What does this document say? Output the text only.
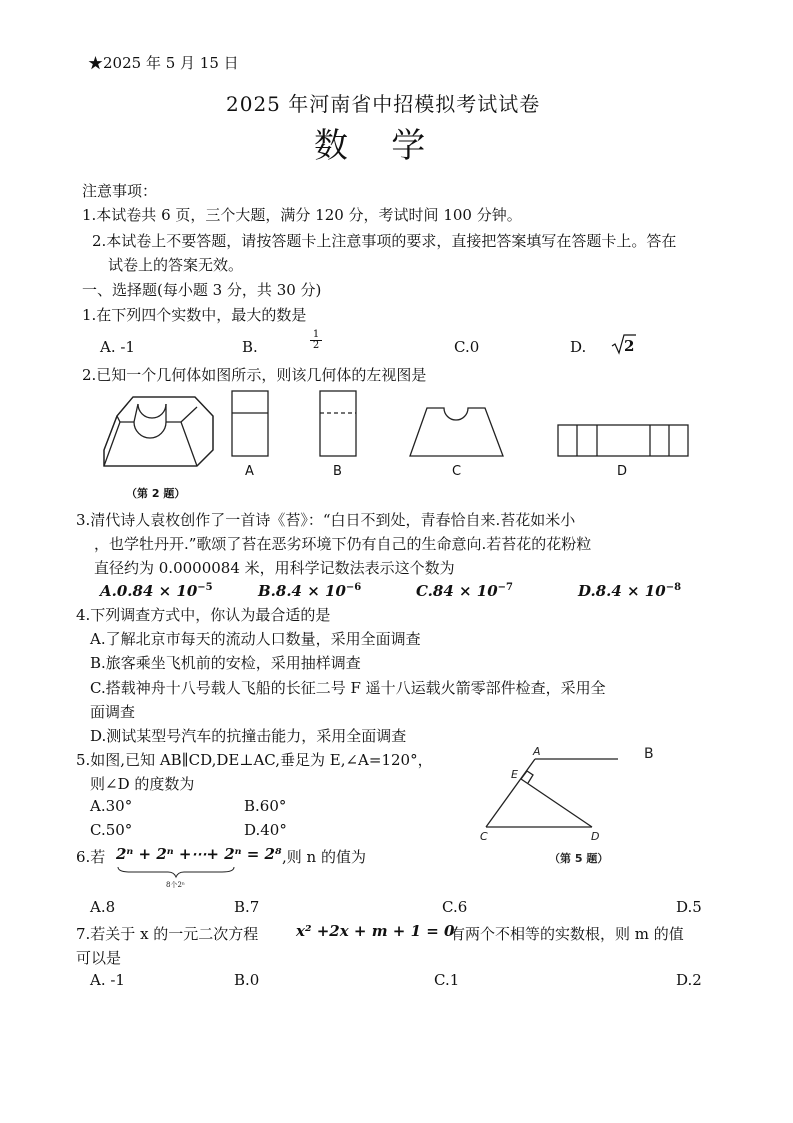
★2025 年 5 月 15 日
2025 年河南省中招模拟考试试卷
数    学
注意事项：
1.本试卷共 6 页，三个大题，满分 120 分，考试时间 100 分钟。
2.本试卷上不要答题，请按答题卡上注意事项的要求，直接把答案填写在答题卡上。答在
试卷上的答案无效。
一、选择题(每小题 3 分，共 30 分)
1.在下列四个实数中，最大的数是
A. -1	B.	$\frac{1}{2}$	C.0	D.	2
2.已知一个几何体如图所示，则该几何体的左视图是
A	B	C	D
（第 2 题）
3.清代诗人袁枚创作了一首诗《苔》：“白日不到处，青春恰自来.苔花如米小
，也学牡丹开.”歌颂了苔在恶劣环境下仍有自己的生命意向.若苔花的花粉粒
直径约为 0.0000084 米，用科学记数法表示这个数为
$A.0.84 \times 10^{-5}$	$B.8.4 \times 10^{-6}$	$C.84 \times 10^{-7}$	$D.8.4 \times 10^{-8}$
4.下列调查方式中，你认为最合适的是
A.了解北京市每天的流动人口数量，采用全面调查
B.旅客乘坐飞机前的安检，采用抽样调查
C.搭载神舟十八号载人飞船的长征二号 F 遥十八运载火箭零部件检查，采用全
面调查
D.测试某型号汽车的抗撞击能力，采用全面调查
5.如图,已知 AB∥CD,DE⊥AC,垂足为 E,∠A=120°，
则∠D 的度数为
A.30°	B.60°
C.50°	D.40°
A
E
C	D
B
（第 5 题）
6.若 2ⁿ + 2ⁿ +⋯+ 2ⁿ = 2⁸ ,则 n 的值为
8个2ⁿ
A.8	B.7	C.6	D.5
7.若关于 x 的一元二次方程	x² +2x + m + 1 = 0
有两个不相等的实数根，则 m 的值
可以是
A. -1	B.0	C.1	D.2
